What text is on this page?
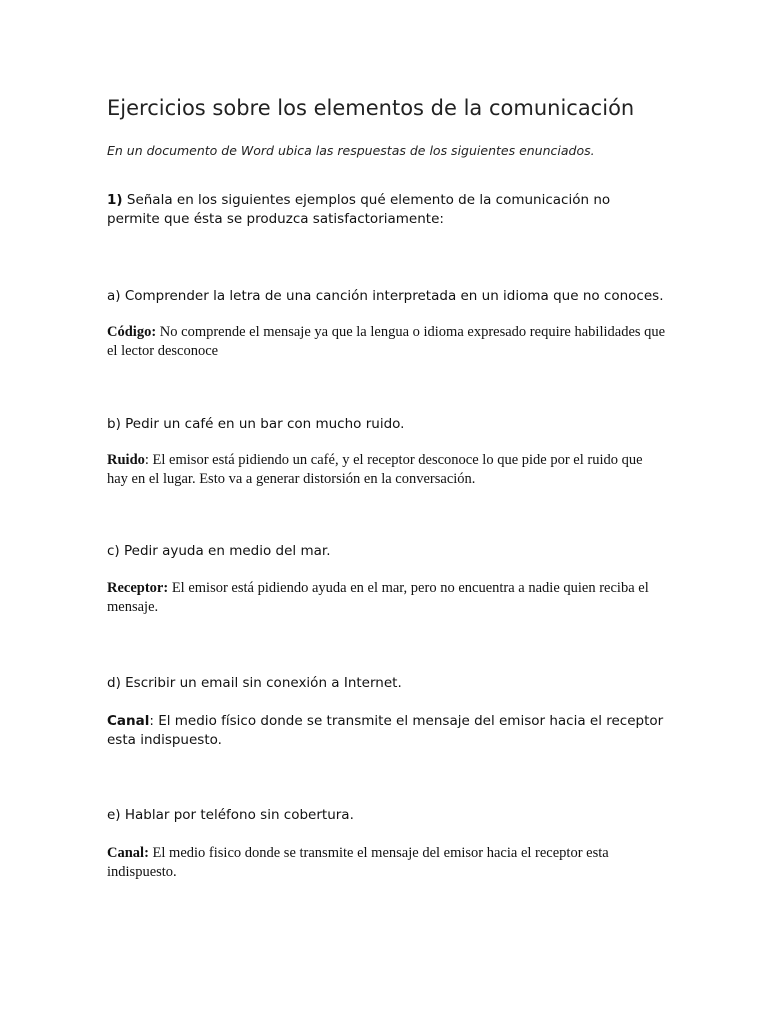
Ejercicios sobre los elementos de la comunicación

En un documento de Word ubica las respuestas de los siguientes enunciados.

1) Señala en los siguientes ejemplos qué elemento de la comunicación no permite que ésta se produzca satisfactoriamente:

a) Comprender la letra de una canción interpretada en un idioma que no conoces.

Código: No comprende el mensaje ya que la lengua o idioma expresado require habilidades que el lector desconoce

b) Pedir un café en un bar con mucho ruido.

Ruido: El emisor está pidiendo un café, y el receptor desconoce lo que pide por el ruido que hay en el lugar. Esto va a generar distorsión en la conversación.

c) Pedir ayuda en medio del mar.

Receptor: El emisor está pidiendo ayuda en el mar, pero no encuentra a nadie quien reciba el mensaje.

d) Escribir un email sin conexión a Internet.

Canal: El medio físico donde se transmite el mensaje del emisor hacia el receptor esta indispuesto.

e) Hablar por teléfono sin cobertura.

Canal: El medio fisico donde se transmite el mensaje del emisor hacia el receptor esta indispuesto.
